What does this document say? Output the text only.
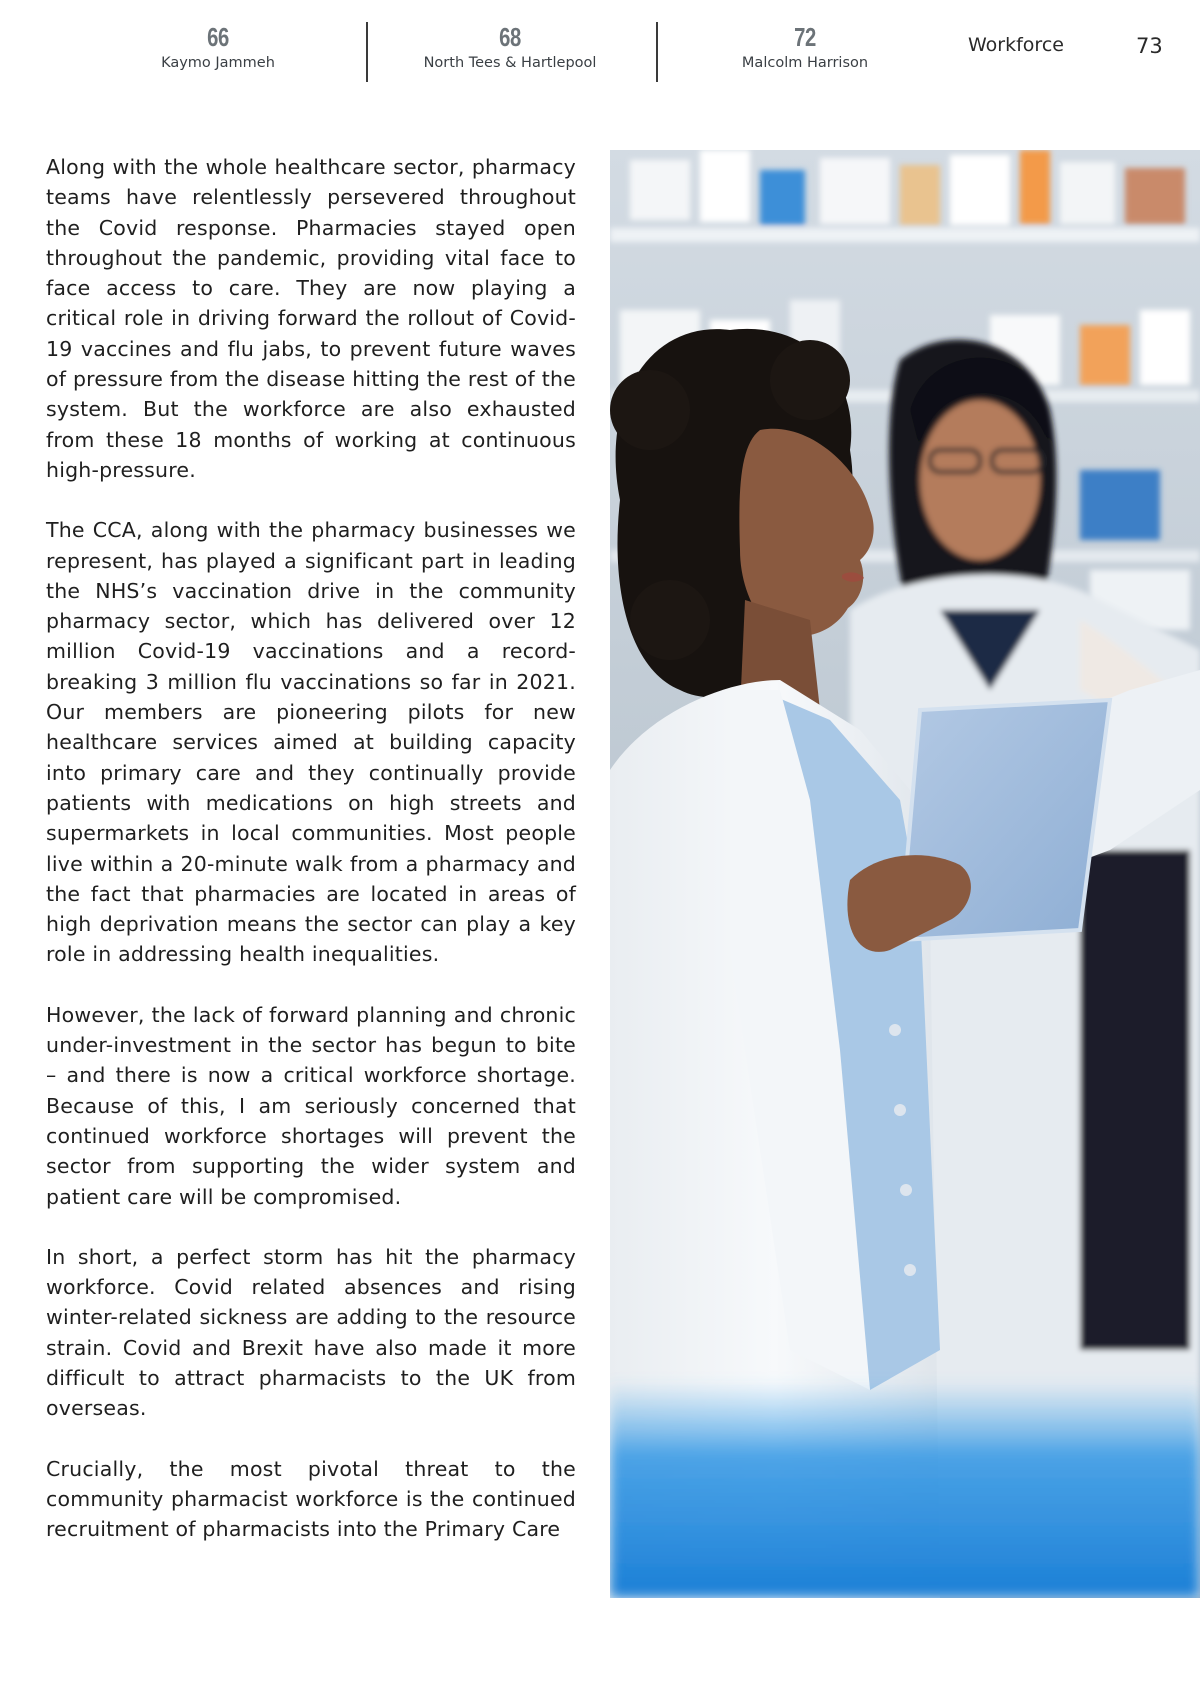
66
Kaymo Jammeh
68
North Tees & Hartlepool
72
Malcolm Harrison
Workforce	73

Along with the whole healthcare sector, pharmacy teams have relentlessly persevered throughout the Covid response. Pharmacies stayed open throughout the pandemic, providing vital face to face access to care. They are now playing a critical role in driving forward the rollout of Covid-19 vaccines and flu jabs, to prevent future waves of pressure from the disease hitting the rest of the system. But the workforce are also exhausted from these 18 months of working at continuous high-pressure.

The CCA, along with the pharmacy businesses we represent, has played a significant part in leading the NHS’s vaccination drive in the community pharmacy sector, which has delivered over 12 million Covid-19 vaccinations and a record-breaking 3 million flu vaccinations so far in 2021. Our members are pioneering pilots for new healthcare services aimed at building capacity into primary care and they continually provide patients with medications on high streets and supermarkets in local communities. Most people live within a 20-minute walk from a pharmacy and the fact that pharmacies are located in areas of high deprivation means the sector can play a key role in addressing health inequalities.

However, the lack of forward planning and chronic under-investment in the sector has begun to bite – and there is now a critical workforce shortage. Because of this, I am seriously concerned that continued workforce shortages will prevent the sector from supporting the wider system and patient care will be compromised.

In short, a perfect storm has hit the pharmacy workforce. Covid related absences and rising winter-related sickness are adding to the resource strain. Covid and Brexit have also made it more difficult to attract pharmacists to the UK from overseas.

Crucially, the most pivotal threat to the community pharmacist workforce is the continued recruitment of pharmacists into the Primary Care
